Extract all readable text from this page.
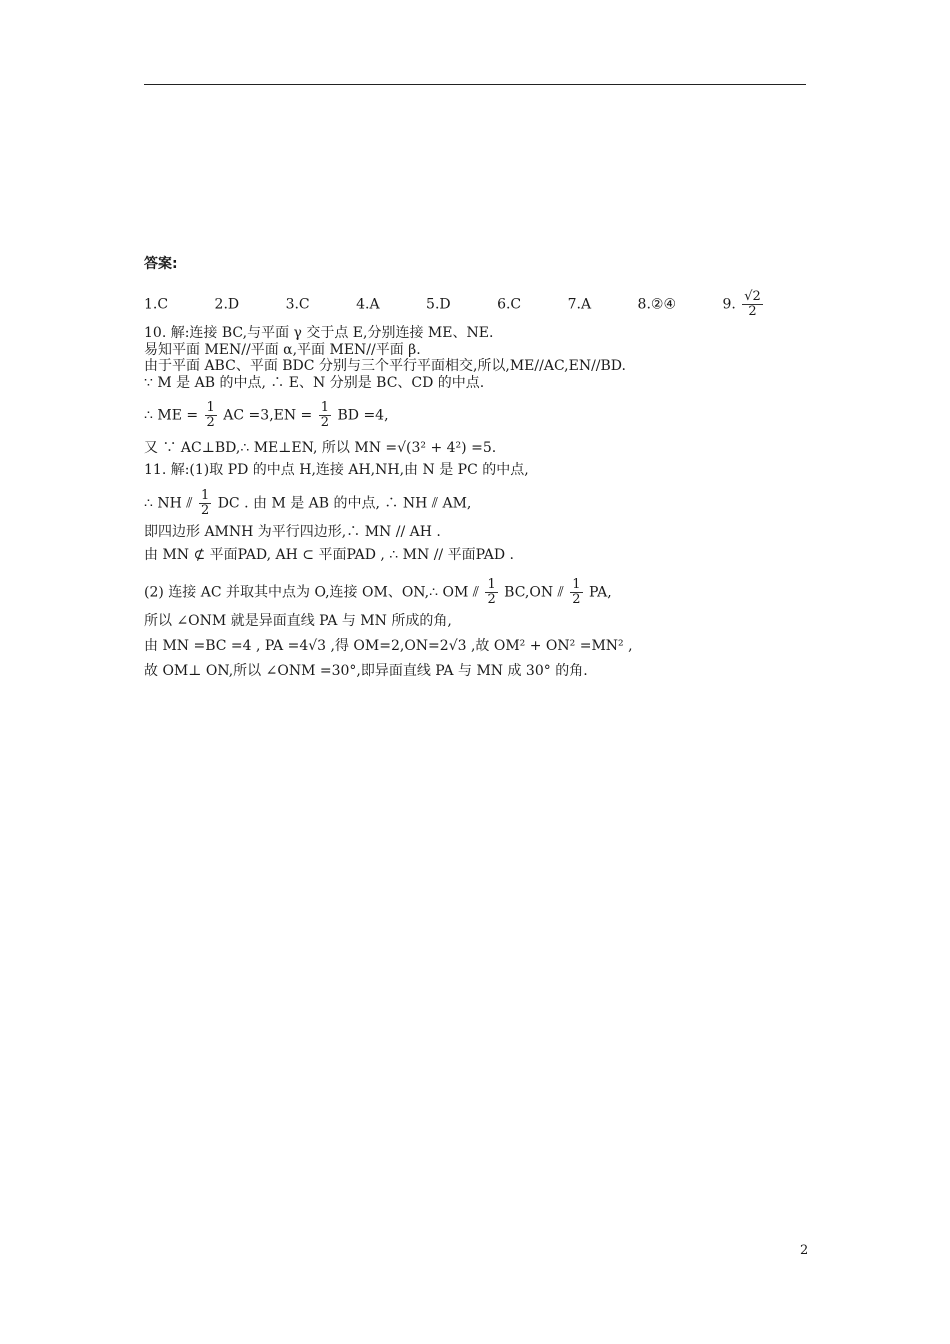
答案:
1.C	2.D	3.C	4.A	5.D	6.C	7.A	8.②④	9. $\frac{√2}{2}$
10. 解:连接 BC,与平面 γ 交于点 E,分别连接 ME、NE.
易知平面 MEN//平面 α,平面 MEN//平面 β.
由于平面 ABC、平面 BDC 分别与三个平行平面相交,所以,ME//AC,EN//BD.
∵ M 是 AB 的中点, ∴ E、N 分别是 BC、CD 的中点.
∴ ME = $\frac{1}{2}$ AC $=3,EN = \frac{1}{2}$ BD =4,
又 ∵ AC⊥BD,∴ ME⊥EN, 所以 MN =√(3² + 4²) =5.
11. 解:(1)取 PD 的中点 H,连接 AH,NH,由 N 是 PC 的中点,
∴ NH ⫽ $\frac{1}{2}$ DC . 由 M 是 AB 的中点, ∴ NH ⫽ AM,
即四边形 AMNH 为平行四边形,∴ MN // AH .
由 MN ⊄ 平面PAD, AH ⊂ 平面PAD , ∴ MN // 平面PAD .
(2) 连接 AC 并取其中点为 O,连接 OM、ON,∴ OM ⫽ $\frac{1}{2} BC,ON$ ⫽ $\frac{1}{2}$ PA,
所以 ∠ONM 就是异面直线 PA 与 MN 所成的角,
由 MN =BC =4 , PA =4√3 ,得 OM=2,ON=2√3 ,故 OM² + ON² =MN² ,
故 OM⊥ ON,所以 ∠ONM =30°,即异面直线 PA 与 MN 成 30° 的角.
2
